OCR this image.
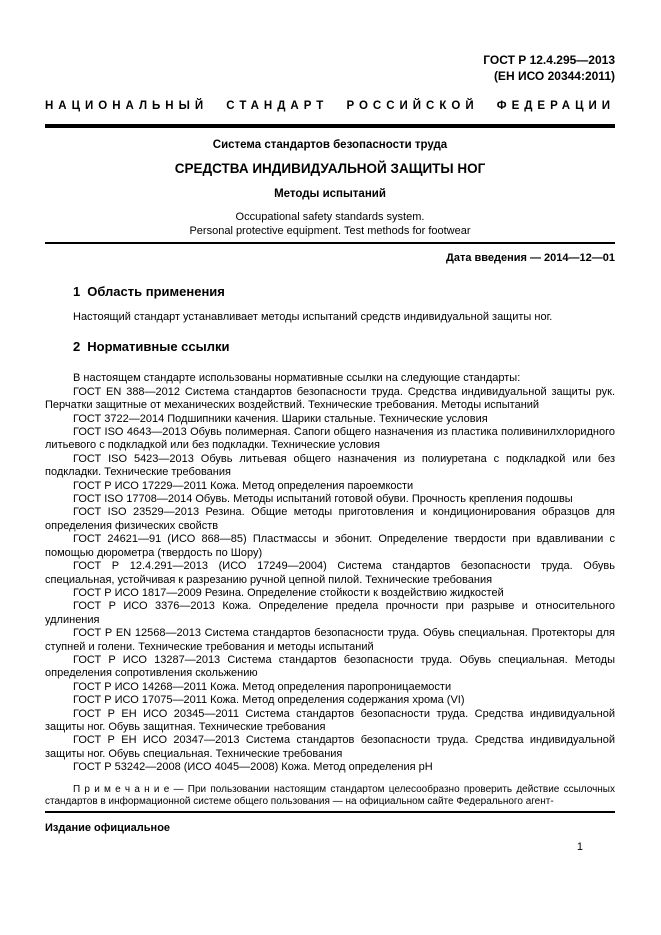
ГОСТ Р 12.4.295—2013
(ЕН ИСО 20344:2011)
НАЦИОНАЛЬНЫЙ СТАНДАРТ РОССИЙСКОЙ ФЕДЕРАЦИИ
Система стандартов безопасности труда
СРЕДСТВА ИНДИВИДУАЛЬНОЙ ЗАЩИТЫ НОГ
Методы испытаний
Occupational safety standards system.
Personal protective equipment. Test methods for footwear
Дата введения — 2014—12—01
1 Область применения

Настоящий стандарт устанавливает методы испытаний средств индивидуальной защиты ног.

2 Нормативные ссылки

В настоящем стандарте использованы нормативные ссылки на следующие стандарты:

ГОСТ EN 388—2012 Система стандартов безопасности труда. Средства индивидуальной защиты рук. Перчатки защитные от механических воздействий. Технические требования. Методы испытаний

ГОСТ 3722—2014 Подшипники качения. Шарики стальные. Технические условия

ГОСТ ISO 4643—2013 Обувь полимерная. Сапоги общего назначения из пластика поливинилхлоридного литьевого с подкладкой или без подкладки. Технические условия

ГОСТ ISO 5423—2013 Обувь литьевая общего назначения из полиуретана с подкладкой или без подкладки. Технические требования

ГОСТ Р ИСО 17229—2011 Кожа. Метод определения пароемкости

ГОСТ ISO 17708—2014 Обувь. Методы испытаний готовой обуви. Прочность крепления подошвы

ГОСТ ISO 23529—2013 Резина. Общие методы приготовления и кондиционирования образцов для определения физических свойств

ГОСТ 24621—91 (ИСО 868—85) Пластмассы и эбонит. Определение твердости при вдавливании с помощью дюрометра (твердость по Шору)

ГОСТ Р 12.4.291—2013 (ИСО 17249—2004) Система стандартов безопасности труда. Обувь специальная, устойчивая к разрезанию ручной цепной пилой. Технические требования

ГОСТ Р ИСО 1817—2009 Резина. Определение стойкости к воздействию жидкостей

ГОСТ Р ИСО 3376—2013 Кожа. Определение предела прочности при разрыве и относительного удлинения

ГОСТ Р EN 12568—2013 Система стандартов безопасности труда. Обувь специальная. Протекторы для ступней и голени. Технические требования и методы испытаний

ГОСТ Р ИСО 13287—2013 Система стандартов безопасности труда. Обувь специальная. Методы определения сопротивления скольжению

ГОСТ Р ИСО 14268—2011 Кожа. Метод определения паропроницаемости

ГОСТ Р ИСО 17075—2011 Кожа. Метод определения содержания хрома (VI)

ГОСТ Р ЕН ИСО 20345—2011 Система стандартов безопасности труда. Средства индивидуальной защиты ног. Обувь защитная. Технические требования

ГОСТ Р ЕН ИСО 20347—2013 Система стандартов безопасности труда. Средства индивидуальной защиты ног. Обувь специальная. Технические требования

ГОСТ Р 53242—2008 (ИСО 4045—2008) Кожа. Метод определения pH

П р и м е ч а н и е — При пользовании настоящим стандартом целесообразно проверить действие ссылочных стандартов в информационной системе общего пользования — на официальном сайте Федерального агент-

Издание официальное
1
